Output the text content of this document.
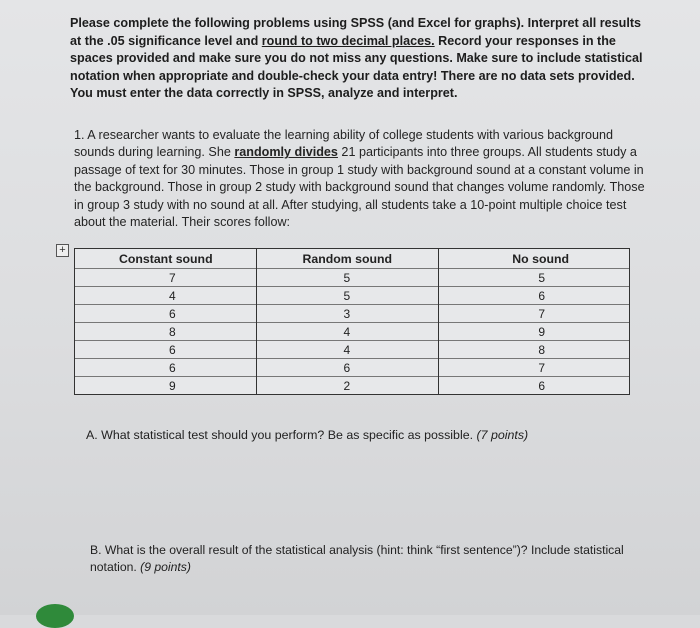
Please complete the following problems using SPSS (and Excel for graphs). Interpret all results at the .05 significance level and round to two decimal places. Record your responses in the spaces provided and make sure you do not miss any questions. Make sure to include statistical notation when appropriate and double-check your data entry! There are no data sets provided. You must enter the data correctly in SPSS, analyze and interpret.
1. A researcher wants to evaluate the learning ability of college students with various background sounds during learning. She randomly divides 21 participants into three groups. All students study a passage of text for 30 minutes. Those in group 1 study with background sound at a constant volume in the background. Those in group 2 study with background sound that changes volume randomly. Those in group 3 study with no sound at all. After studying, all students take a 10-point multiple choice test about the material. Their scores follow:
+
Constant sound	Random sound	No sound
7	5	5
4	5	6
6	3	7
8	4	9
6	4	8
6	6	7
9	2	6
A. What statistical test should you perform? Be as specific as possible. (7 points)
B. What is the overall result of the statistical analysis (hint: think “first sentence”)? Include statistical notation. (9 points)
